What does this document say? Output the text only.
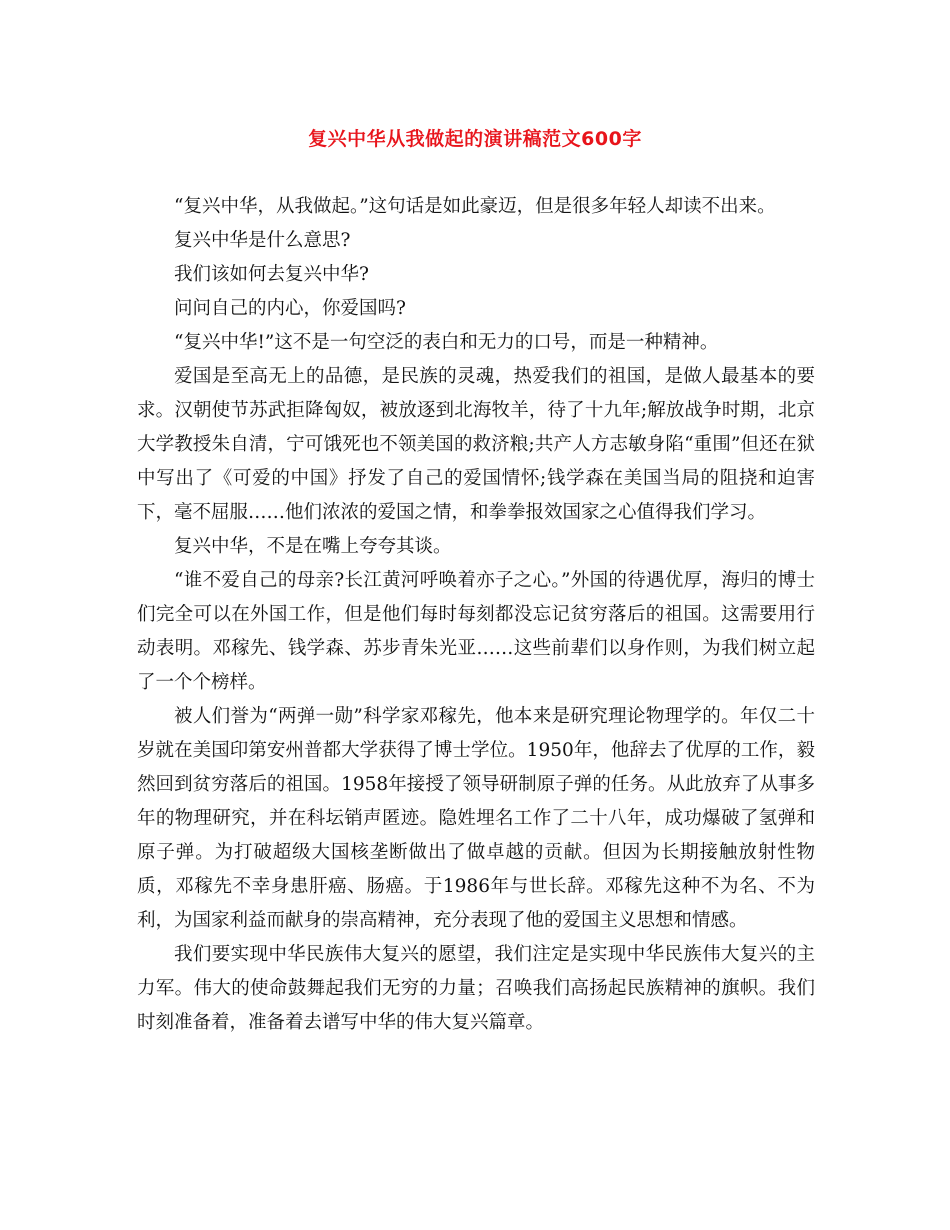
复兴中华从我做起的演讲稿范文600字

“复兴中华，从我做起。”这句话是如此豪迈，但是很多年轻人却读不出来。

复兴中华是什么意思?

我们该如何去复兴中华?

问问自己的内心，你爱国吗?

“复兴中华!”这不是一句空泛的表白和无力的口号，而是一种精神。

爱国是至高无上的品德，是民族的灵魂，热爱我们的祖国，是做人最基本的要求。汉朝使节苏武拒降匈奴，被放逐到北海牧羊，待了十九年;解放战争时期，北京大学教授朱自清，宁可饿死也不领美国的救济粮;共产人方志敏身陷“重围”但还在狱中写出了《可爱的中国》抒发了自己的爱国情怀;钱学森在美国当局的阻挠和迫害下，毫不屈服……他们浓浓的爱国之情，和拳拳报效国家之心值得我们学习。

复兴中华，不是在嘴上夸夸其谈。

“谁不爱自己的母亲?长江黄河呼唤着亦子之心。”外国的待遇优厚，海归的博士们完全可以在外国工作，但是他们每时每刻都没忘记贫穷落后的祖国。这需要用行动表明。邓稼先、钱学森、苏步青朱光亚……这些前辈们以身作则，为我们树立起了一个个榜样。

被人们誉为“两弹一勋”科学家邓稼先，他本来是研究理论物理学的。年仅二十岁就在美国印第安州普都大学获得了博士学位。1950年，他辞去了优厚的工作，毅然回到贫穷落后的祖国。1958年接授了领导研制原子弹的任务。从此放弃了从事多年的物理研究，并在科坛销声匿迹。隐姓埋名工作了二十八年，成功爆破了氢弹和原子弹。为打破超级大国核垄断做出了做卓越的贡献。但因为长期接触放射性物质，邓稼先不幸身患肝癌、肠癌。于1986年与世长辞。邓稼先这种不为名、不为利，为国家利益而献身的崇高精神，充分表现了他的爱国主义思想和情感。

我们要实现中华民族伟大复兴的愿望，我们注定是实现中华民族伟大复兴的主力军。伟大的使命鼓舞起我们无穷的力量；召唤我们高扬起民族精神的旗帜。我们时刻准备着，准备着去谱写中华的伟大复兴篇章。
